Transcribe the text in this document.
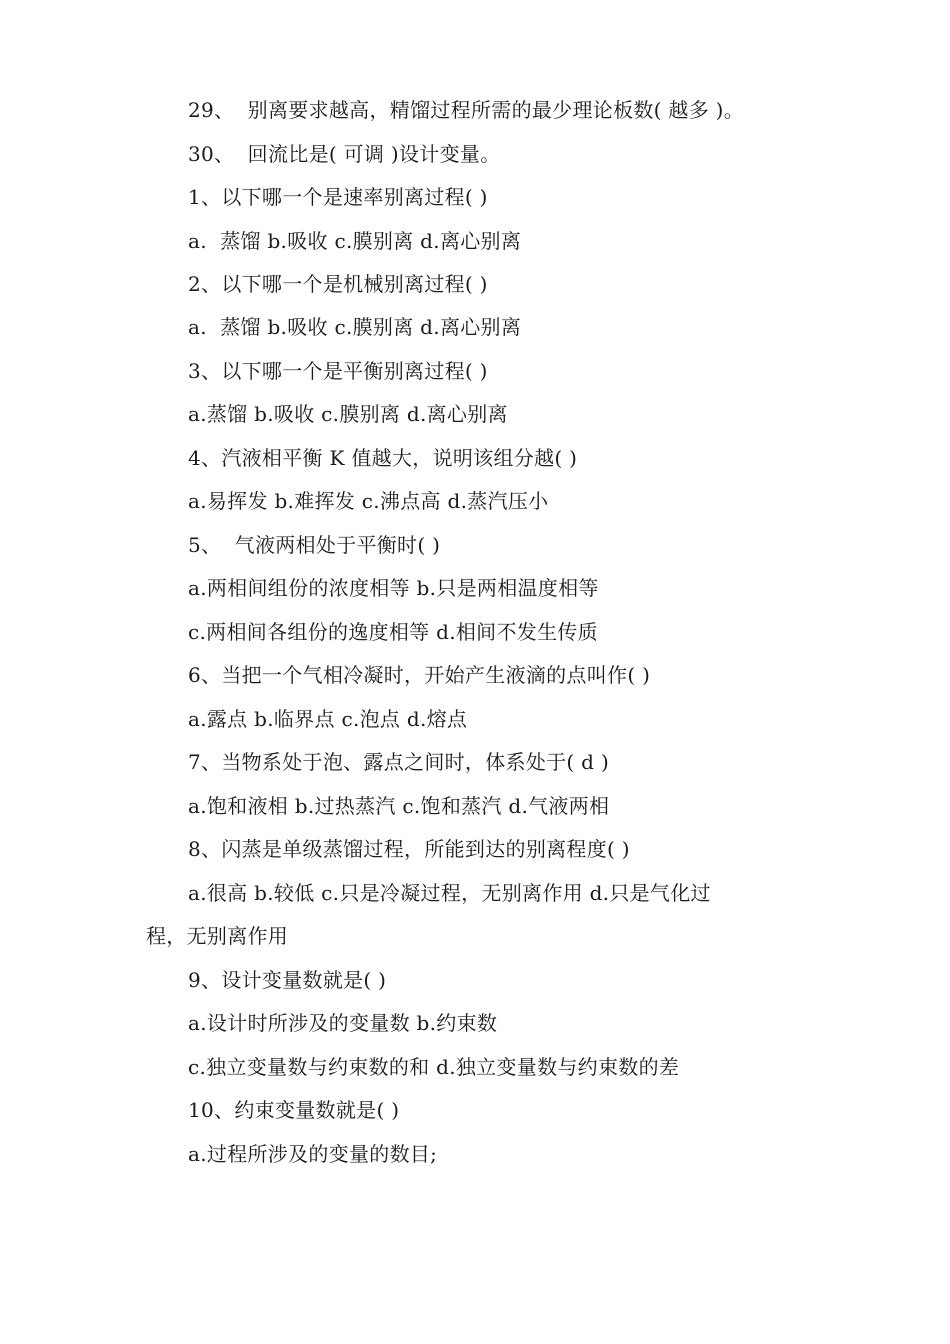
29、  别离要求越高，精馏过程所需的最少理论板数( 越多 )。
30、  回流比是( 可调 )设计变量。
1、以下哪一个是速率别离过程( )
a.  蒸馏 b.吸收 c.膜别离 d.离心别离
2、以下哪一个是机械别离过程( )
a.  蒸馏 b.吸收 c.膜别离 d.离心别离
3、以下哪一个是平衡别离过程( )
a.蒸馏 b.吸收 c.膜别离 d.离心别离
4、汽液相平衡 K 值越大，说明该组分越( )
a.易挥发 b.难挥发 c.沸点高 d.蒸汽压小
5、  气液两相处于平衡时( )
a.两相间组份的浓度相等 b.只是两相温度相等
c.两相间各组份的逸度相等 d.相间不发生传质
6、当把一个气相冷凝时，开始产生液滴的点叫作( )
a.露点 b.临界点 c.泡点 d.熔点
7、当物系处于泡、露点之间时，体系处于( d )
a.饱和液相 b.过热蒸汽 c.饱和蒸汽 d.气液两相
8、闪蒸是单级蒸馏过程，所能到达的别离程度( )
a.很高 b.较低 c.只是冷凝过程，无别离作用 d.只是气化过
程，无别离作用
9、设计变量数就是( )
a.设计时所涉及的变量数 b.约束数
c.独立变量数与约束数的和 d.独立变量数与约束数的差
10、约束变量数就是( )
a.过程所涉及的变量的数目;
